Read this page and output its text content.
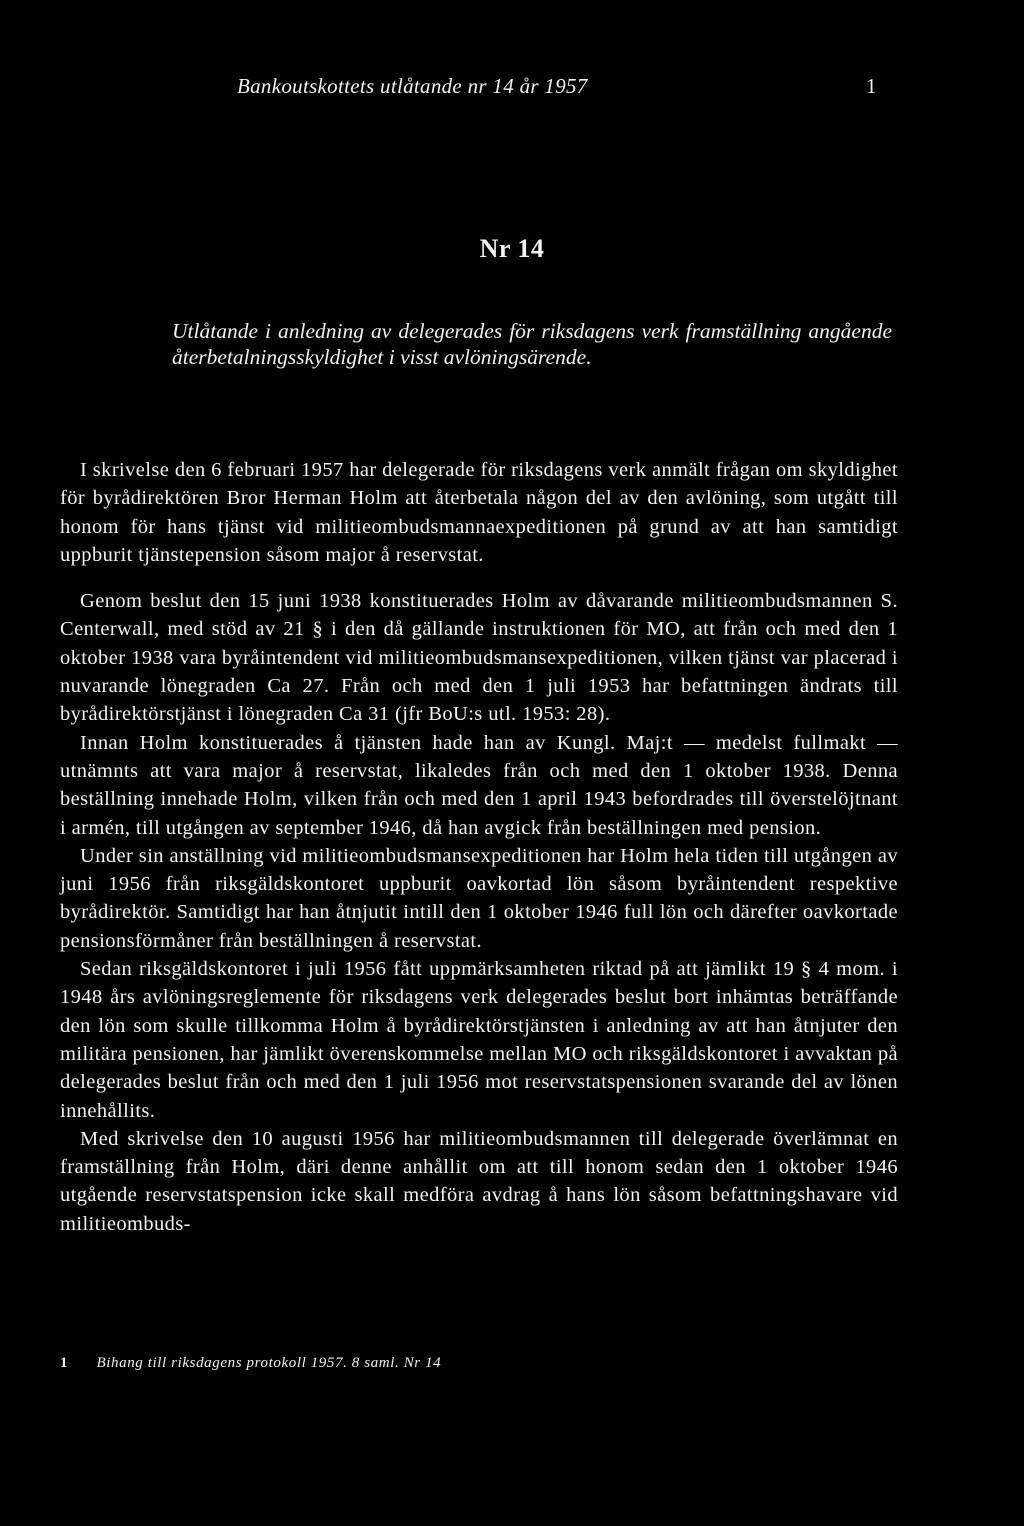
Bankoutskottets utlåtande nr 14 år 1957	1
Nr 14
Utlåtande i anledning av delegerades för riksdagens verk framställning angående återbetalningsskyldighet i visst avlöningsärende.

I skrivelse den 6 februari 1957 har delegerade för riksdagens verk anmält frågan om skyldighet för byrådirektören Bror Herman Holm att återbetala någon del av den avlöning, som utgått till honom för hans tjänst vid militieombudsmannaexpeditionen på grund av att han samtidigt uppburit tjänstepension såsom major å reservstat.

Genom beslut den 15 juni 1938 konstituerades Holm av dåvarande militieombudsmannen S. Centerwall, med stöd av 21 § i den då gällande instruktionen för MO, att från och med den 1 oktober 1938 vara byråintendent vid militieombudsmansexpeditionen, vilken tjänst var placerad i nuvarande lönegraden Ca 27. Från och med den 1 juli 1953 har befattningen ändrats till byrådirektörstjänst i lönegraden Ca 31 (jfr BoU:s utl. 1953: 28).

Innan Holm konstituerades å tjänsten hade han av Kungl. Maj:t — medelst fullmakt — utnämnts att vara major å reservstat, likaledes från och med den 1 oktober 1938. Denna beställning innehade Holm, vilken från och med den 1 april 1943 befordrades till överstelöjtnant i armén, till utgången av september 1946, då han avgick från beställningen med pension.

Under sin anställning vid militieombudsmansexpeditionen har Holm hela tiden till utgången av juni 1956 från riksgäldskontoret uppburit oavkortad lön såsom byråintendent respektive byrådirektör. Samtidigt har han åtnjutit intill den 1 oktober 1946 full lön och därefter oavkortade pensionsförmåner från beställningen å reservstat.

Sedan riksgäldskontoret i juli 1956 fått uppmärksamheten riktad på att jämlikt 19 § 4 mom. i 1948 års avlöningsreglemente för riksdagens verk delegerades beslut bort inhämtas beträffande den lön som skulle tillkomma Holm å byrådirektörstjänsten i anledning av att han åtnjuter den militära pensionen, har jämlikt överenskommelse mellan MO och riksgäldskontoret i avvaktan på delegerades beslut från och med den 1 juli 1956 mot reservstatspensionen svarande del av lönen innehållits.

Med skrivelse den 10 augusti 1956 har militieombudsmannen till delegerade överlämnat en framställning från Holm, däri denne anhållit om att till honom sedan den 1 oktober 1946 utgående reservstatspension icke skall medföra avdrag å hans lön såsom befattningshavare vid militieombuds-

1 Bihang till riksdagens protokoll 1957. 8 saml. Nr 14
